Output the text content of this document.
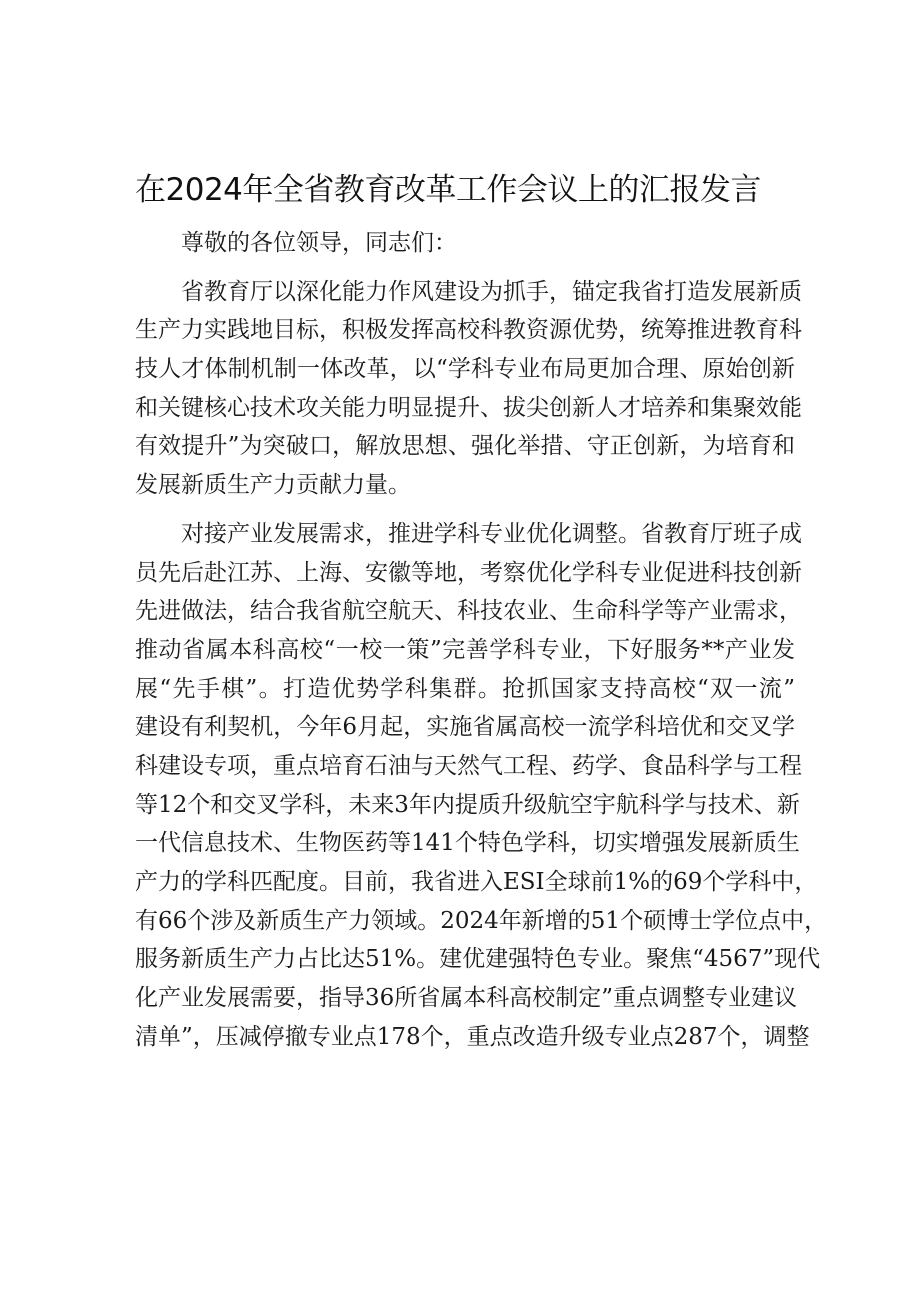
在2024年全省教育改革工作会议上的汇报发言
尊敬的各位领导，同志们：
省教育厅以深化能力作风建设为抓手，锚定我省打造发展新质
生产力实践地目标，积极发挥高校科教资源优势，统筹推进教育科
技人才体制机制一体改革，以“学科专业布局更加合理、原始创新
和关键核心技术攻关能力明显提升、拔尖创新人才培养和集聚效能
有效提升”为突破口，解放思想、强化举措、守正创新，为培育和
发展新质生产力贡献力量。
对接产业发展需求，推进学科专业优化调整。省教育厅班子成
员先后赴江苏、上海、安徽等地，考察优化学科专业促进科技创新
先进做法，结合我省航空航天、科技农业、生命科学等产业需求，
推动省属本科高校“一校一策”完善学科专业，下好服务**产业发
展“先手棋”。打造优势学科集群。抢抓国家支持高校“双一流”
建设有利契机，今年6月起，实施省属高校一流学科培优和交叉学
科建设专项，重点培育石油与天然气工程、药学、食品科学与工程
等12个和交叉学科，未来3年内提质升级航空宇航科学与技术、新
一代信息技术、生物医药等141个特色学科，切实增强发展新质生
产力的学科匹配度。目前，我省进入ESI全球前1%的69个学科中，
有66个涉及新质生产力领域。2024年新增的51个硕博士学位点中，
服务新质生产力占比达51%。建优建强特色专业。聚焦“4567”现代
化产业发展需要，指导36所省属本科高校制定”重点调整专业建议
清单”，压减停撤专业点178个，重点改造升级专业点287个，调整
